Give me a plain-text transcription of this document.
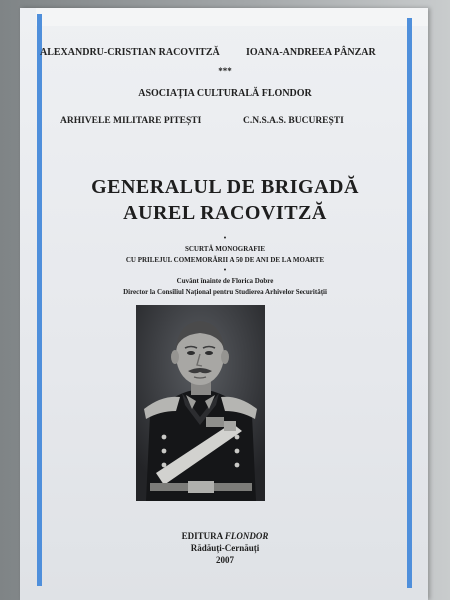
ALEXANDRU-CRISTIAN RACOVITZĂ	IOANA-ANDREEA PÂNZAR
***
ASOCIAȚIA CULTURALĂ FLONDOR
ARHIVELE MILITARE PITEȘTI	C.N.S.A.S. BUCUREȘTI
GENERALUL DE BRIGADĂ
AUREL RACOVITZĂ
•
SCURTĂ MONOGRAFIE
CU PRILEJUL COMEMORĂRII A 50 DE ANI DE LA MOARTE
•
Cuvânt înainte de Florica Dobre
Director la Consiliul Național pentru Studierea Arhivelor Securității
EDITURA FLONDOR
Rădăuți-Cernăuți
2007
